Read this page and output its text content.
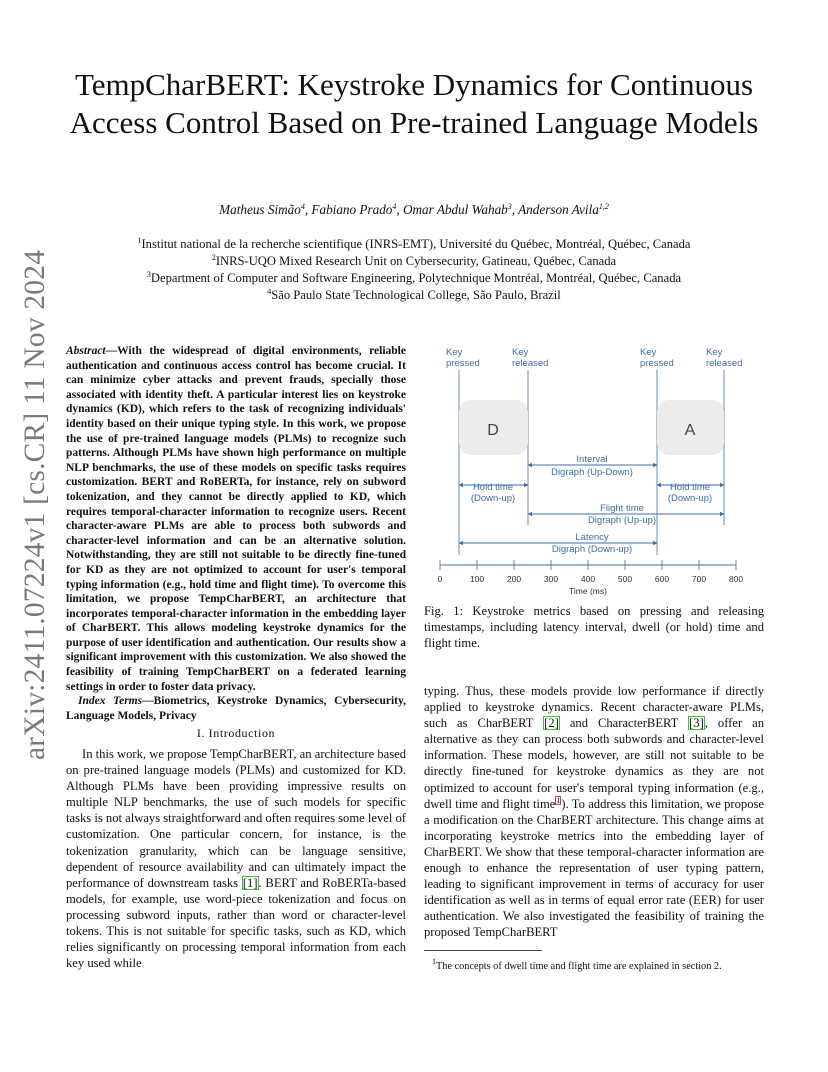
arXiv:2411.07224v1 [cs.CR] 11 Nov 2024
TempCharBERT: Keystroke Dynamics for Continuous Access Control Based on Pre-trained Language Models
Matheus Simão$^4$, Fabiano Prado$^4$, Omar Abdul Wahab$^3$, Anderson Avila$^{1,2}$
$^1$Institut national de la recherche scientifique (INRS-EMT), Université du Québec, Montréal, Québec, Canada
$^2$INRS-UQO Mixed Research Unit on Cybersecurity, Gatineau, Québec, Canada
$^3$Department of Computer and Software Engineering, Polytechnique Montréal, Montréal, Québec, Canada
$^4$São Paulo State Technological College, São Paulo, Brazil
Abstract—With the widespread of digital environments, reliable authentication and continuous access control has become crucial. It can minimize cyber attacks and prevent frauds, specially those associated with identity theft. A particular interest lies on keystroke dynamics (KD), which refers to the task of recognizing individuals' identity based on their unique typing style. In this work, we propose the use of pre-trained language models (PLMs) to recognize such patterns. Although PLMs have shown high performance on multiple NLP benchmarks, the use of these models on specific tasks requires customization. BERT and RoBERTa, for instance, rely on subword tokenization, and they cannot be directly applied to KD, which requires temporal-character information to recognize users. Recent character-aware PLMs are able to process both subwords and character-level information and can be an alternative solution. Notwithstanding, they are still not suitable to be directly fine-tuned for KD as they are not optimized to account for user's temporal typing information (e.g., hold time and flight time). To overcome this limitation, we propose TempCharBERT, an architecture that incorporates temporal-character information in the embedding layer of CharBERT. This allows modeling keystroke dynamics for the purpose of user identification and authentication. Our results show a significant improvement with this customization. We also showed the feasibility of training TempCharBERT on a federated learning settings in order to foster data privacy.
Index Terms—Biometrics, Keystroke Dynamics, Cybersecurity, Language Models, Privacy
I. Introduction

In this work, we propose TempCharBERT, an architecture based on pre-trained language models (PLMs) and customized for KD. Although PLMs have been providing impressive results on multiple NLP benchmarks, the use of such models for specific tasks is not always straightforward and often requires some level of customization. One particular concern, for instance, is the tokenization granularity, which can be language sensitive, dependent of resource availability and can ultimately impact the performance of downstream tasks [1]. BERT and RoBERTa-based models, for example, use word-piece tokenization and focus on processing subword inputs, rather than word or character-level tokens. This is not suitable for specific tasks, such as KD, which relies significantly on processing temporal information from each key used while

Key
pressed
Key
released
Key
pressed
Key
released
D	A
Interval
Digraph (Up-Down)
Hold time
(Down-up)
Hold time
(Down-up)
Flight time
Digraph (Up-up)
Latency
Digraph (Down-up)
0	100	200	300	400	500	600	700	800
Time (ms)
Fig. 1: Keystroke metrics based on pressing and releasing timestamps, including latency interval, dwell (or hold) time and flight time.

typing. Thus, these models provide low performance if directly applied to keystroke dynamics. Recent character-aware PLMs, such as CharBERT [2] and CharacterBERT [3], offer an alternative as they can process both subwords and character-level information. These models, however, are still not suitable to be directly fine-tuned for keystroke dynamics as they are not optimized to account for user's temporal typing information (e.g., dwell time and flight time$^1$). To address this limitation, we propose a modification on the CharBERT architecture. This change aims at incorporating keystroke metrics into the embedding layer of CharBERT. We show that these temporal-character information are enough to enhance the representation of user typing pattern, leading to significant improvement in terms of accuracy for user identification as well as in terms of equal error rate (EER) for user authentication. We also investigated the feasibility of training the proposed TempCharBERT

$^1$The concepts of dwell time and flight time are explained in section 2.
